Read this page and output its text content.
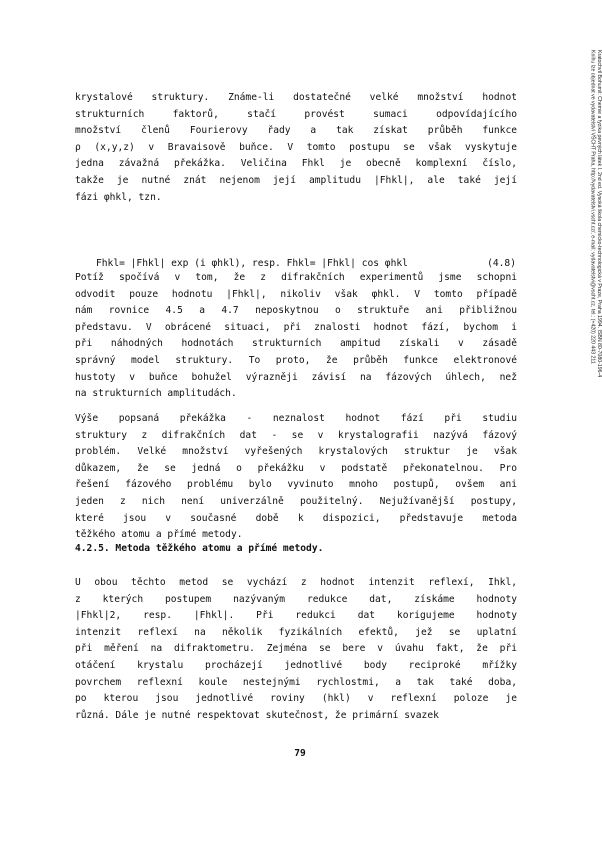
Kratochvíl Bohumil: Chemie a fyzika pevných látek I. 2nd ed. Vysoká škola chemicko-technologická v Praze, Praha 1994. ISBN 80-7080-196-4
Knihu lze objednat ve vydavatelství VŠCHT Praha, http://vydavatelstvi.vscht.cz/, e-mail: vydavatelstvi@vscht.cz, tel.: (+420) 220 443 211

krystalové struktury. Známe-li dostatečné velké množství hodnot
strukturních faktorů, stačí provést sumaci odpovídajícího
množství členů Fourierovy řady a tak získat průběh funkce
ρ (x,y,z) v Bravaisově buňce. V tomto postupu se však vyskytuje
jedna závažná překážka. Veličina Fhkl je obecně komplexní číslo,
takže je nutné znát nejenom její amplitudu |Fhkl|, ale také její
fázi φhkl, tzn.

Fhkl= |Fhkl| exp (i φhkl), resp. Fhkl= |Fhkl| cos φhkl	(4.8)

Potíž spočívá v tom, že z difrakčních experimentů jsme schopni
odvodit pouze hodnotu |Fhkl|, nikoliv však φhkl. V tomto případě
nám rovnice 4.5 a 4.7 neposkytnou o struktuře ani přibližnou
představu. V obrácené situaci, při znalosti hodnot fází, bychom i
při náhodných hodnotách strukturních ampitud získali v zásadě
správný model struktury. To proto, že průběh funkce elektronové
hustoty v buňce bohužel výrazněji závisí na fázových úhlech, než
na strukturních amplitudách.

Výše popsaná překážka - neznalost hodnot fází při studiu
struktury z difrakčních dat - se v krystalografii nazývá fázový
problém. Velké množství vyřešených krystalových struktur je však
důkazem, že se jedná o překážku v podstatě překonatelnou. Pro
řešení fázového problému bylo vyvinuto mnoho postupů, ovšem ani
jeden z nich není univerzálně použitelný. Nejužívanější postupy,
které jsou v současné době k dispozici, představuje metoda
těžkého atomu a přímé metody.

4.2.5. Metoda těžkého atomu a přímé metody.

U obou těchto metod se vychází z hodnot intenzit reflexí, Ihkl,
z kterých postupem nazývaným redukce dat, získáme hodnoty
|Fhkl|2, resp. |Fhkl|. Při redukci dat korigujeme hodnoty
intenzit reflexí na několik fyzikálních efektů, jež se uplatní
při měření na difraktometru. Zejména se bere v úvahu fakt, že při
otáčení krystalu procházejí jednotlivé body reciproké mřížky
povrchem reflexní koule nestejnými rychlostmi, a tak také doba,
po kterou jsou jednotlivé roviny (hkl) v reflexní poloze je
různá. Dále je nutné respektovat skutečnost, že primární svazek

79
